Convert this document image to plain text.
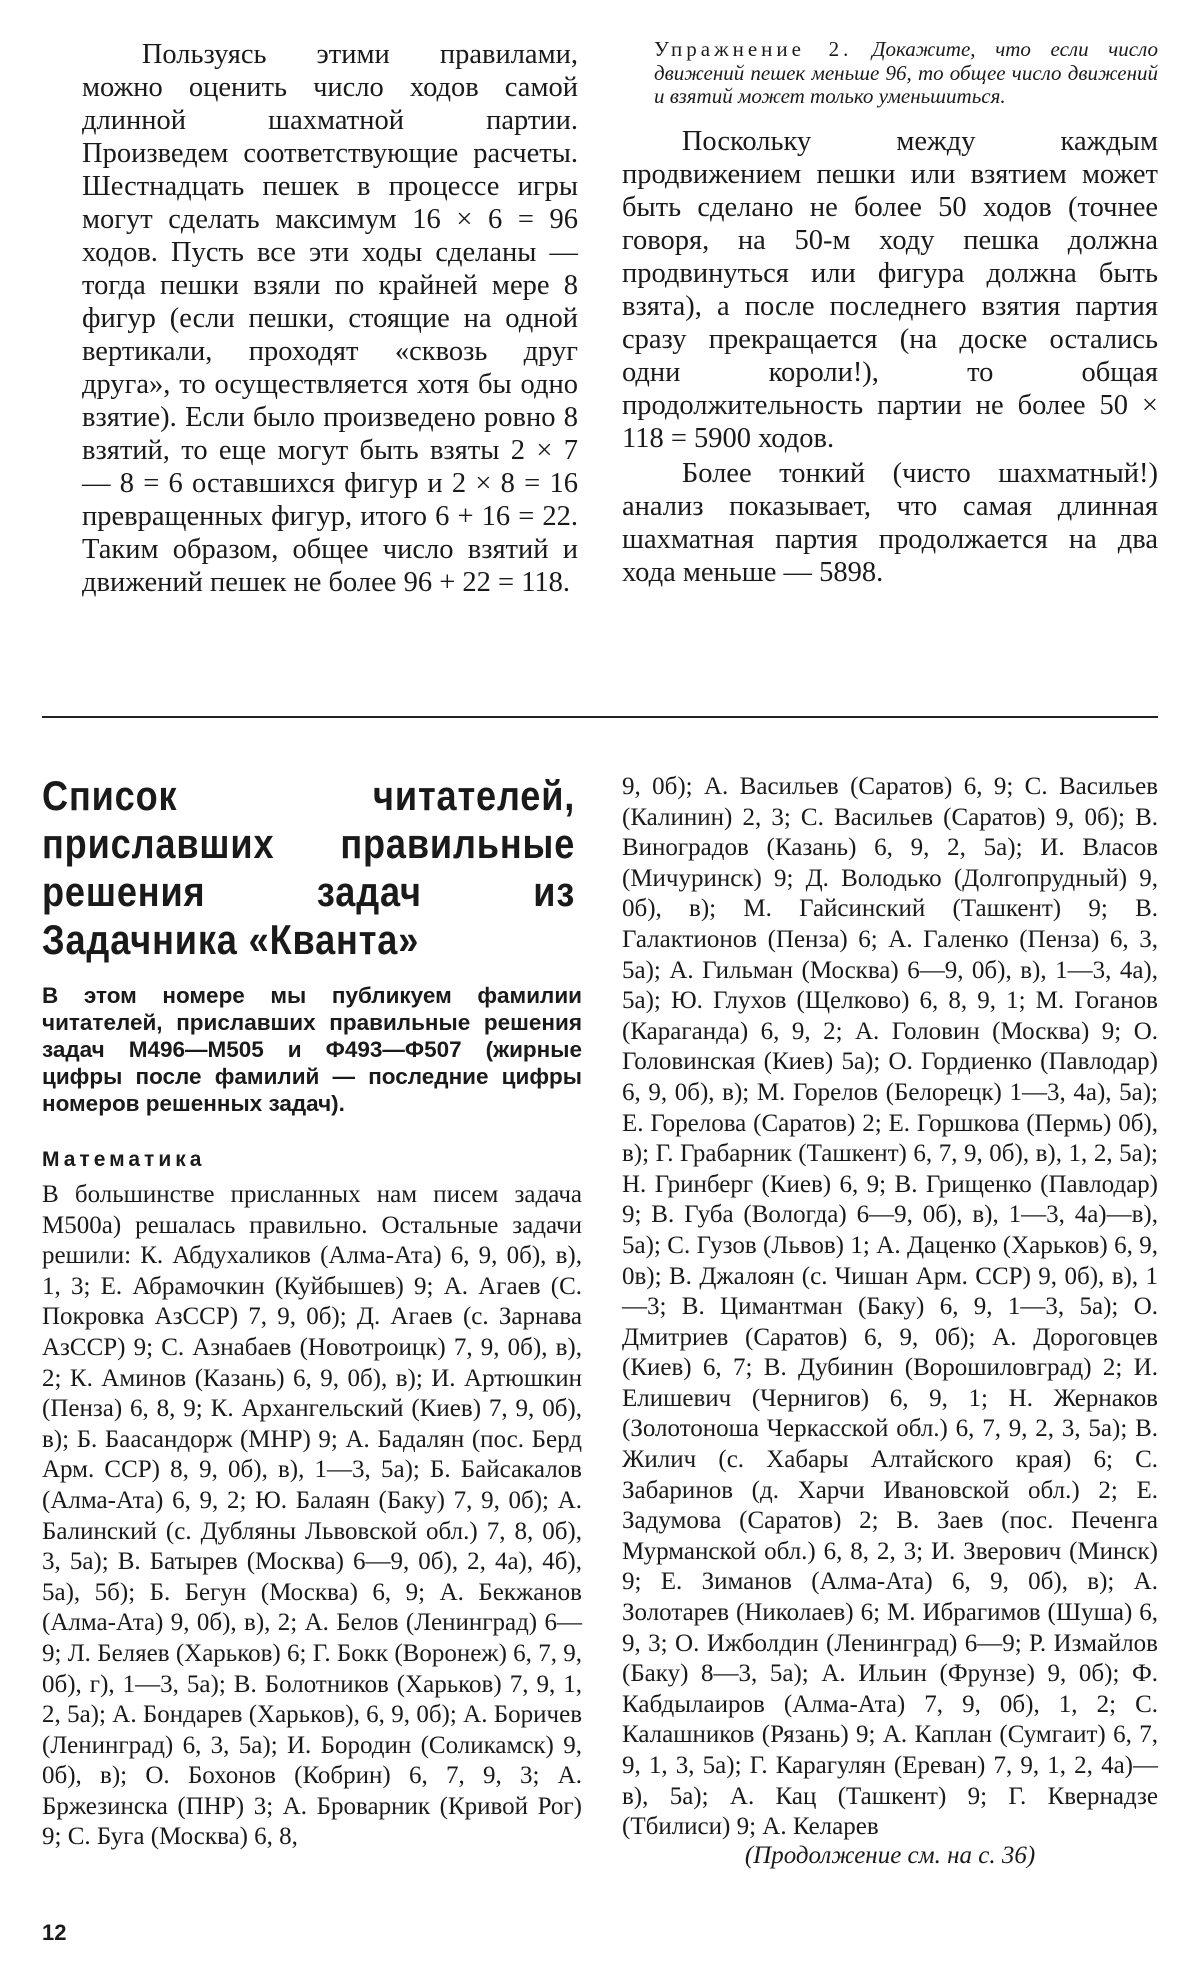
Пользуясь этими правилами, можно оценить число ходов самой длинной шахматной партии. Произведем соответствующие расчеты. Шестнадцать пешек в процессе игры могут сделать максимум 16 × 6 = 96 ходов. Пусть все эти ходы сделаны — тогда пешки взяли по крайней мере 8 фигур (если пешки, стоящие на одной вертикали, проходят «сквозь друг друга», то осуществляется хотя бы одно взятие). Если было произведено ровно 8 взятий, то еще могут быть взяты 2 × 7 — 8 = 6 оставшихся фигур и 2 × 8 = 16 превращенных фигур, итого 6 + 16 = 22. Таким образом, общее число взятий и движений пешек не более 96 + 22 = 118.

Упражнение 2. Докажите, что если число движений пешек меньше 96, то общее число движений и взятий может только уменьшиться.

Поскольку между каждым продвижением пешки или взятием может быть сделано не более 50 ходов (точнее говоря, на 50-м ходу пешка должна продвинуться или фигура должна быть взята), а после последнего взятия партия сразу прекращается (на доске остались одни короли!), то общая продолжительность партии не более 50 × 118 = 5900 ходов.

Более тонкий (чисто шахматный!) анализ показывает, что самая длинная шахматная партия продолжается на два хода меньше — 5898.

Список читателей, приславших правильные решения задач из Задачника «Кванта»

В этом номере мы публикуем фамилии читателей, приславших правильные решения задач М496—М505 и Ф493—Ф507 (жирные цифры после фамилий — последние цифры номеров решенных задач).

Математика

В большинстве присланных нам писем задача М500а) решалась правильно. Остальные задачи решили: К. Абдухаликов (Алма-Ата) 6, 9, 0б), в), 1, 3; Е. Абрамочкин (Куйбышев) 9; А. Агаев (С. Покровка АзССР) 7, 9, 0б); Д. Агаев (с. Зарнава АзССР) 9; С. Азнабаев (Новотроицк) 7, 9, 0б), в), 2; К. Аминов (Казань) 6, 9, 0б), в); И. Артюшкин (Пенза) 6, 8, 9; К. Архангельский (Киев) 7, 9, 0б), в); Б. Баасандорж (МНР) 9; А. Бадалян (пос. Берд Арм. ССР) 8, 9, 0б), в), 1—3, 5а); Б. Байсакалов (Алма-Ата) 6, 9, 2; Ю. Балаян (Баку) 7, 9, 0б); А. Балинский (с. Дубляны Львовской обл.) 7, 8, 0б), 3, 5а); В. Батырев (Москва) 6—9, 0б), 2, 4а), 4б), 5а), 5б); Б. Бегун (Москва) 6, 9; А. Бекжанов (Алма-Ата) 9, 0б), в), 2; А. Белов (Ленинград) 6—9; Л. Беляев (Харьков) 6; Г. Бокк (Воронеж) 6, 7, 9, 0б), г), 1—3, 5а); В. Болотников (Харьков) 7, 9, 1, 2, 5а); А. Бондарев (Харьков), 6, 9, 0б); А. Боричев (Ленинград) 6, 3, 5а); И. Бородин (Соликамск) 9, 0б), в); О. Бохонов (Кобрин) 6, 7, 9, 3; А. Бржезинска (ПНР) 3; А. Броварник (Кривой Рог) 9; С. Буга (Москва) 6, 8,

9, 0б); А. Васильев (Саратов) 6, 9; С. Васильев (Калинин) 2, 3; С. Васильев (Саратов) 9, 0б); В. Виноградов (Казань) 6, 9, 2, 5а); И. Власов (Мичуринск) 9; Д. Володько (Долгопрудный) 9, 0б), в); М. Гайсинский (Ташкент) 9; В. Галактионов (Пенза) 6; А. Галенко (Пенза) 6, 3, 5а); А. Гильман (Москва) 6—9, 0б), в), 1—3, 4а), 5а); Ю. Глухов (Щелково) 6, 8, 9, 1; М. Гоганов (Караганда) 6, 9, 2; А. Головин (Москва) 9; О. Головинская (Киев) 5а); О. Гордиенко (Павлодар) 6, 9, 0б), в); М. Горелов (Белорецк) 1—3, 4а), 5а); Е. Горелова (Саратов) 2; Е. Горшкова (Пермь) 0б), в); Г. Грабарник (Ташкент) 6, 7, 9, 0б), в), 1, 2, 5а); Н. Гринберг (Киев) 6, 9; В. Грищенко (Павлодар) 9; В. Губа (Вологда) 6—9, 0б), в), 1—3, 4а)—в), 5а); С. Гузов (Львов) 1; А. Даценко (Харьков) 6, 9, 0в); В. Джалоян (с. Чишан Арм. ССР) 9, 0б), в), 1—3; В. Цимантман (Баку) 6, 9, 1—3, 5а); О. Дмитриев (Саратов) 6, 9, 0б); А. Дороговцев (Киев) 6, 7; В. Дубинин (Ворошиловград) 2; И. Елишевич (Чернигов) 6, 9, 1; Н. Жернаков (Золотоноша Черкасской обл.) 6, 7, 9, 2, 3, 5а); В. Жилич (с. Хабары Алтайского края) 6; С. Забаринов (д. Харчи Ивановской обл.) 2; Е. Задумова (Саратов) 2; В. Заев (пос. Печенга Мурманской обл.) 6, 8, 2, 3; И. Зверович (Минск) 9; Е. Зиманов (Алма-Ата) 6, 9, 0б), в); А. Золотарев (Николаев) 6; М. Ибрагимов (Шуша) 6, 9, 3; О. Ижболдин (Ленинград) 6—9; Р. Измайлов (Баку) 8—3, 5а); А. Ильин (Фрунзе) 9, 0б); Ф. Кабдылаиров (Алма-Ата) 7, 9, 0б), 1, 2; С. Калашников (Рязань) 9; А. Каплан (Сумгаит) 6, 7, 9, 1, 3, 5а); Г. Карагулян (Ереван) 7, 9, 1, 2, 4а)—в), 5а); А. Кац (Ташкент) 9; Г. Квернадзе (Тбилиси) 9; А. Келарев

(Продолжение см. на с. 36)
12
